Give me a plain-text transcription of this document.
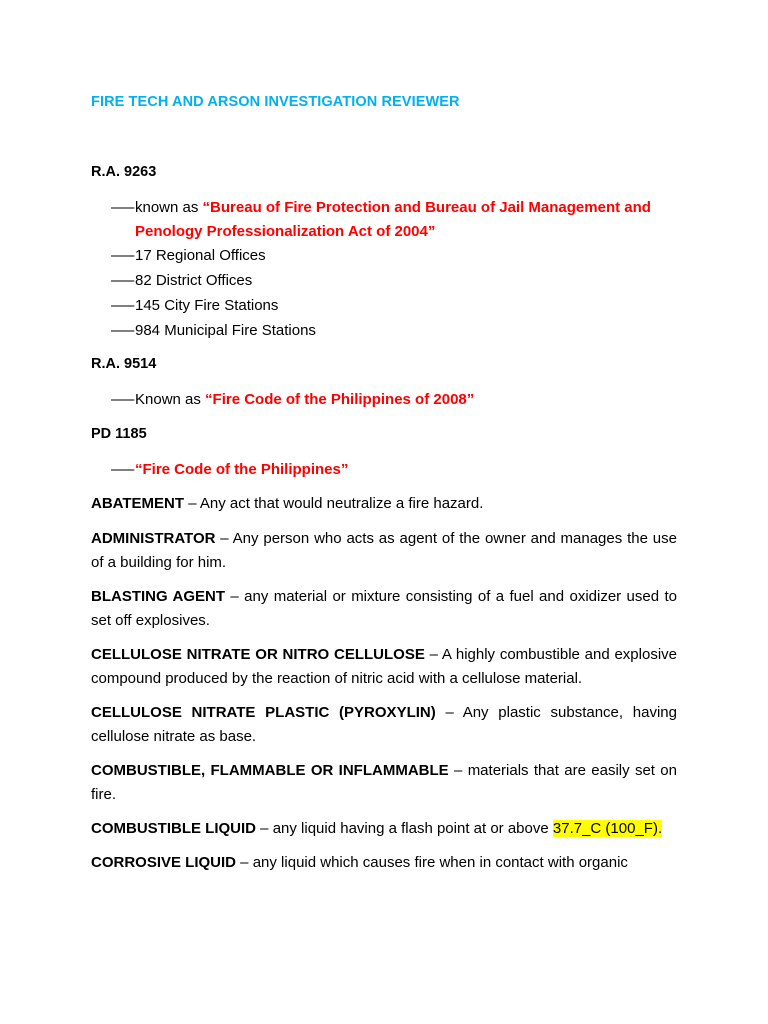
FIRE TECH AND ARSON INVESTIGATION REVIEWER
R.A. 9263
—–known as “Bureau of Fire Protection and Bureau of Jail Management and
Penology Professionalization Act of 2004”
—–17 Regional Offices
—–82 District Offices
—–145 City Fire Stations
—–984 Municipal Fire Stations
R.A. 9514
—–Known as “Fire Code of the Philippines of 2008”
PD 1185
—–“Fire Code of the Philippines”
ABATEMENT – Any act that would neutralize a fire hazard.
ADMINISTRATOR – Any person who acts as agent of the owner and manages the use of a building for him.
BLASTING AGENT – any material or mixture consisting of a fuel and oxidizer used to set off explosives.
CELLULOSE NITRATE OR NITRO CELLULOSE – A highly combustible and explosive compound produced by the reaction of nitric acid with a cellulose material.
CELLULOSE NITRATE PLASTIC (PYROXYLIN) – Any plastic substance, having cellulose nitrate as base.
COMBUSTIBLE, FLAMMABLE OR INFLAMMABLE – materials that are easily set on fire.
COMBUSTIBLE LIQUID – any liquid having a flash point at or above 37.7_C (100_F).
CORROSIVE LIQUID – any liquid which causes fire when in contact with organic
